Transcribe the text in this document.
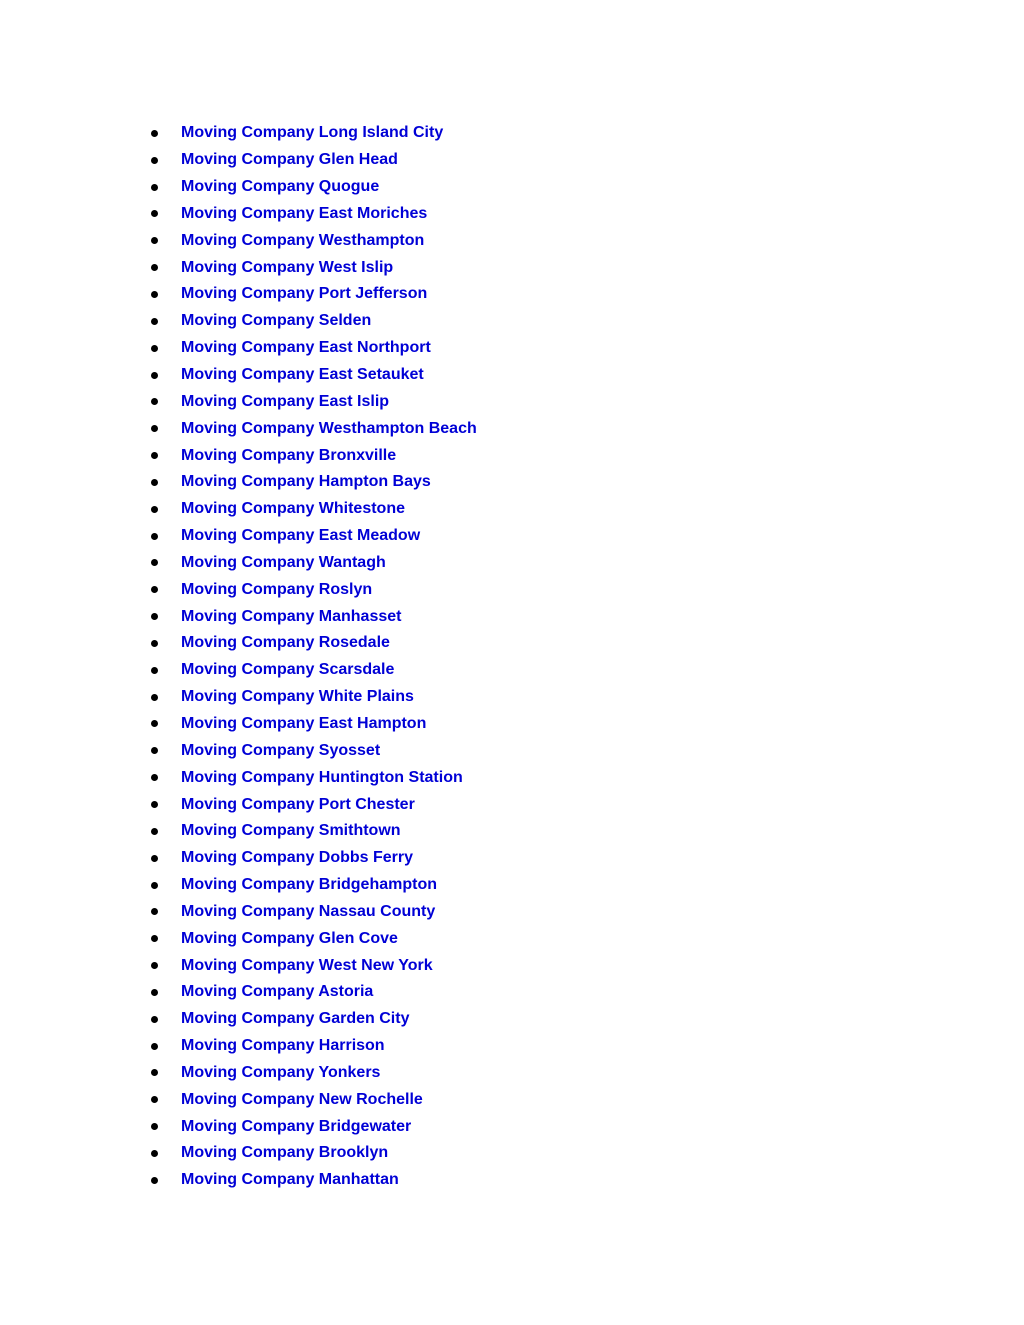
Moving Company Long Island City
Moving Company Glen Head
Moving Company Quogue
Moving Company East Moriches
Moving Company Westhampton
Moving Company West Islip
Moving Company Port Jefferson
Moving Company Selden
Moving Company East Northport
Moving Company East Setauket
Moving Company East Islip
Moving Company Westhampton Beach
Moving Company Bronxville
Moving Company Hampton Bays
Moving Company Whitestone
Moving Company East Meadow
Moving Company Wantagh
Moving Company Roslyn
Moving Company Manhasset
Moving Company Rosedale
Moving Company Scarsdale
Moving Company White Plains
Moving Company East Hampton
Moving Company Syosset
Moving Company Huntington Station
Moving Company Port Chester
Moving Company Smithtown
Moving Company Dobbs Ferry
Moving Company Bridgehampton
Moving Company Nassau County
Moving Company Glen Cove
Moving Company West New York
Moving Company Astoria
Moving Company Garden City
Moving Company Harrison
Moving Company Yonkers
Moving Company New Rochelle
Moving Company Bridgewater
Moving Company Brooklyn
Moving Company Manhattan
